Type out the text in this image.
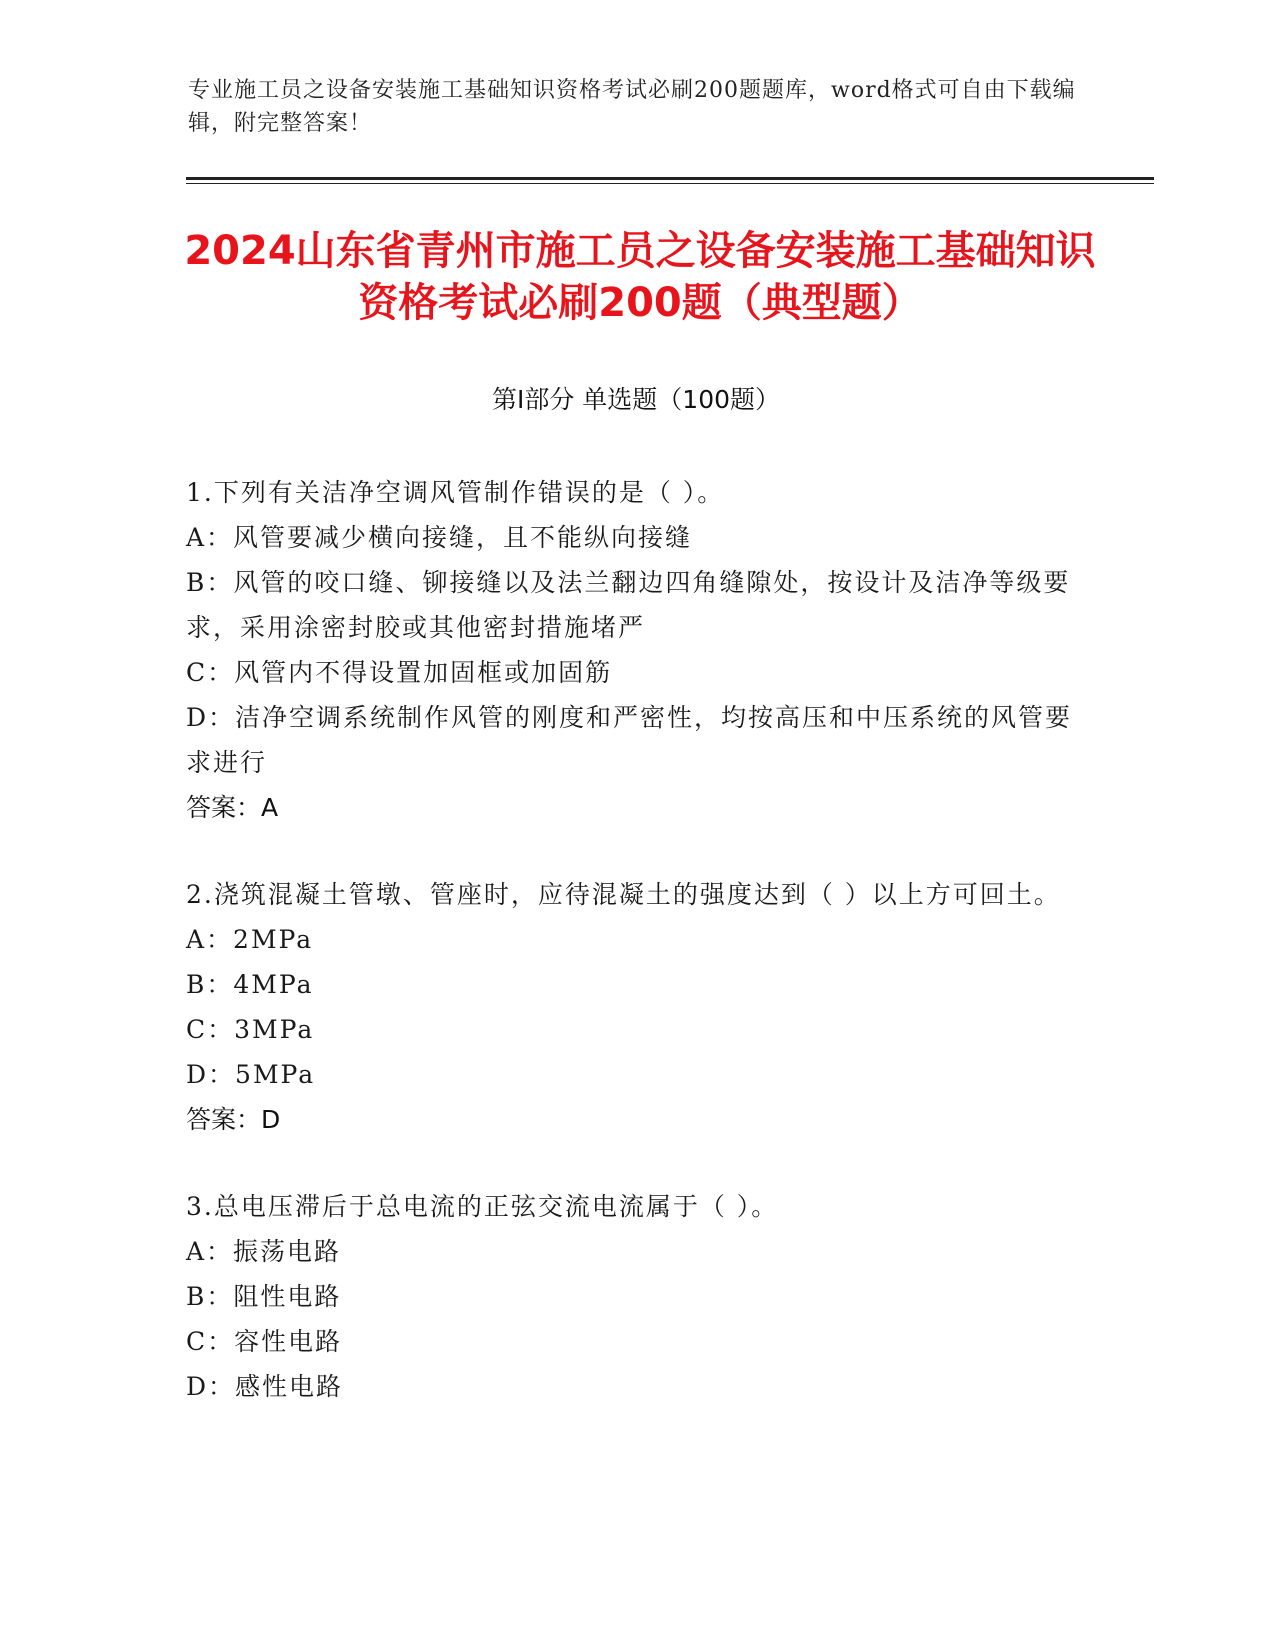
专业施工员之设备安装施工基础知识资格考试必刷200题题库，word格式可自由下载编辑，附完整答案！
2024山东省青州市施工员之设备安装施工基础知识资格考试必刷200题（典型题）
第Ⅰ部分 单选题（100题）

1.下列有关洁净空调风管制作错误的是（ ）。

A：风管要减少横向接缝，且不能纵向接缝

B：风管的咬口缝、铆接缝以及法兰翻边四角缝隙处，按设计及洁净等级要求，采用涂密封胶或其他密封措施堵严

C：风管内不得设置加固框或加固筋

D：洁净空调系统制作风管的刚度和严密性，均按高压和中压系统的风管要求进行

答案：A

2.浇筑混凝土管墩、管座时，应待混凝土的强度达到（ ）以上方可回土。

A：2MPa

B：4MPa

C：3MPa

D：5MPa

答案：D

3.总电压滞后于总电流的正弦交流电流属于（ ）。

A：振荡电路

B：阻性电路

C：容性电路

D：感性电路
